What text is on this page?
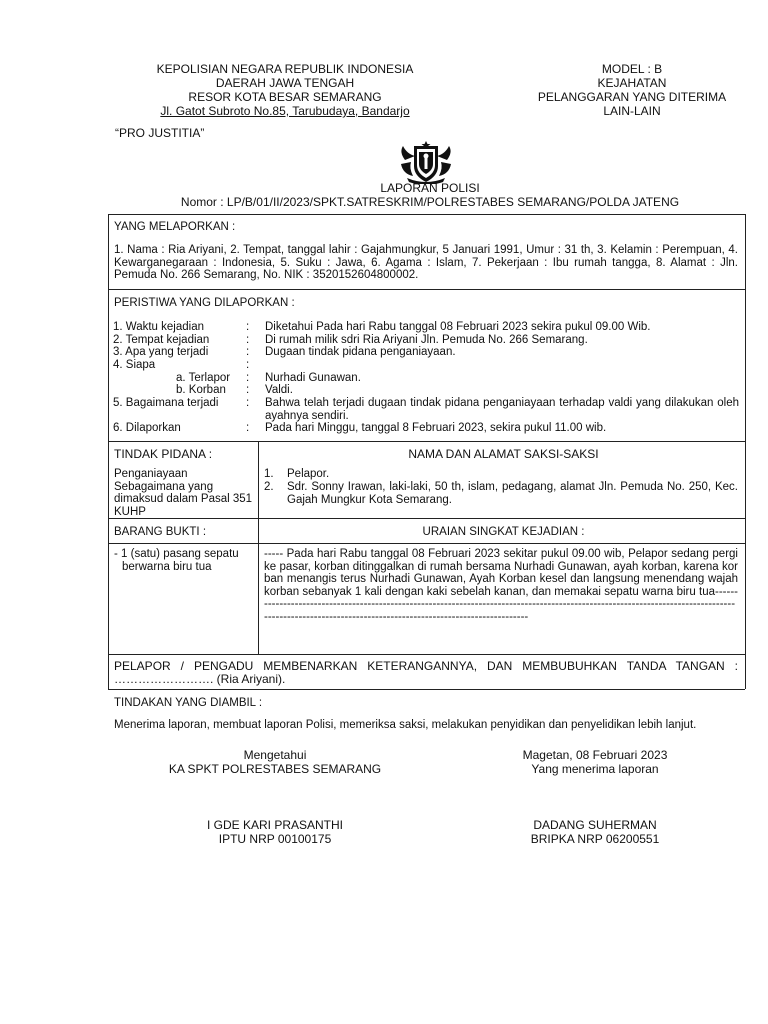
KEPOLISIAN NEGARA REPUBLIK INDONESIA
DAERAH JAWA TENGAH
RESOR KOTA BESAR SEMARANG
Jl. Gatot Subroto No.85, Tarubudaya, Bandarjo
MODEL : B
KEJAHATAN
PELANGGARAN YANG DITERIMA
LAIN-LAIN
“PRO JUSTITIA”
LAPORAN POLISI
Nomor : LP/B/01/II/2023/SPKT.SATRESKRIM/POLRESTABES SEMARANG/POLDA JATENG
YANG MELAPORKAN :
1. Nama : Ria Ariyani, 2. Tempat, tanggal lahir : Gajahmungkur, 5 Januari 1991, Umur : 31 th, 3. Kelamin : Perempuan, 4. Kewarganegaraan : Indonesia, 5. Suku : Jawa, 6. Agama : Islam, 7. Pekerjaan : Ibu rumah tangga, 8. Alamat : Jln. Pemuda No. 266 Semarang, No. NIK : 3520152604800002.
PERISTIWA YANG DILAPORKAN :
1. Waktu kejadian	: Diketahui Pada hari Rabu tanggal 08 Februari 2023 sekira pukul 09.00 Wib.
2. Tempat kejadian	: Di rumah milik sdri Ria Ariyani Jln. Pemuda No. 266 Semarang.
3. Apa yang terjadi	: Dugaan tindak pidana penganiayaan.
4. Siapa	:
a. Terlapor : Nurhadi Gunawan.
b. Korban : Valdi.
5. Bagaimana terjadi : Bahwa telah terjadi dugaan tindak pidana penganiayaan terhadap valdi yang dilakukan oleh ayahnya sendiri.
6. Dilaporkan	: Pada hari Minggu, tanggal 8 Februari 2023, sekira pukul 11.00 wib.
TINDAK PIDANA :	NAMA DAN ALAMAT SAKSI-SAKSI
Penganiayaan Sebagaimana yang dimaksud dalam Pasal 351 KUHP
1. Pelapor.
2. Sdr. Sonny Irawan, laki-laki, 50 th, islam, pedagang, alamat Jln. Pemuda No. 250, Kec. Gajah Mungkur Kota Semarang.
BARANG BUKTI :	URAIAN SINGKAT KEJADIAN :
- 1 (satu) pasang sepatu berwarna biru tua
----- Pada hari Rabu tanggal 08 Februari 2023 sekitar pukul 09.00 wib, Pelapor sedang pergi ke pasar, korban ditinggalkan di rumah bersama Nurhadi Gunawan, ayah korban, karena korban menangis terus Nurhadi Gunawan, Ayah Korban kesel dan langsung menendang wajah korban sebanyak 1 kali dengan kaki sebelah kanan, dan memakai sepatu warna biru tua------------------------------------------------------------------------------------------------------------------------------------------------------------------------------------------------------
PELAPOR / PENGADU MEMBENARKAN KETERANGANNYA, DAN MEMBUBUHKAN TANDA TANGAN : ……………………. (Ria Ariyani).
TINDAKAN YANG DIAMBIL :
Menerima laporan, membuat laporan Polisi, memeriksa saksi, melakukan penyidikan dan penyelidikan lebih lanjut.
Mengetahui
KA SPKT POLRESTABES SEMARANG
I GDE KARI PRASANTHI
IPTU NRP 00100175
Magetan, 08 Februari 2023
Yang menerima laporan
DADANG SUHERMAN
BRIPKA NRP 06200551
